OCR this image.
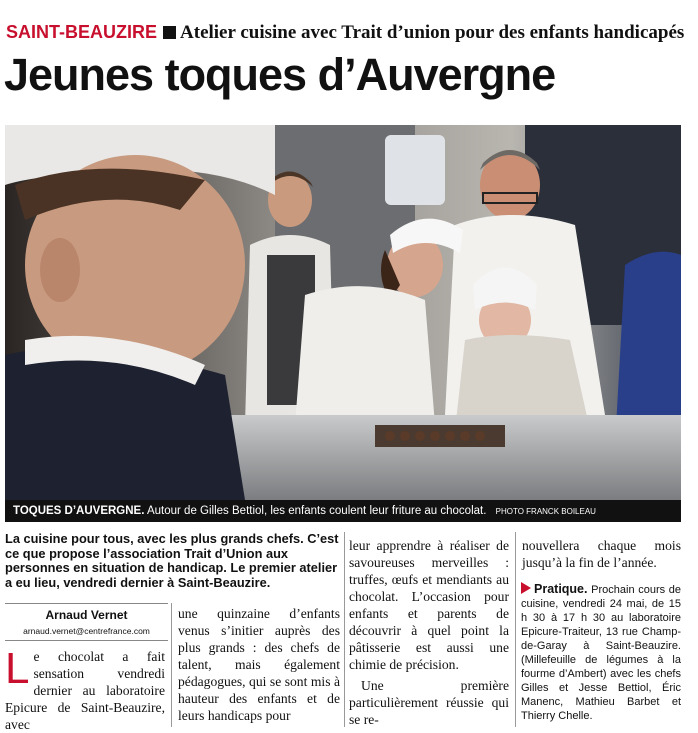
SAINT-BEAUZIRE Atelier cuisine avec Trait d’union pour des enfants handicapés
Jeunes toques d’Auvergne
TOQUES D’AUVERGNE. Autour de Gilles Bettiol, les enfants coulent leur friture au chocolat. PHOTO FRANCK BOILEAU
La cuisine pour tous, avec les plus grands chefs. C’est ce que propose l’association Trait d’Union aux personnes en situation de handicap. Le premier atelier a eu lieu, vendredi dernier à Saint-Beauzire.
Arnaud Vernet
arnaud.vernet@centrefrance.com
L e chocolat a fait sensation vendredi dernier au laboratoire Epicure de Saint-Beauzire, avec

une quinzaine d’enfants venus s’initier auprès des plus grands : des chefs de talent, mais également pédagogues, qui se sont mis à hauteur des enfants et de leurs handicaps pour

leur apprendre à réaliser de savoureuses merveilles : truffes, œufs et mendiants au chocolat. L’occasion pour enfants et parents de découvrir à quel point la pâtisserie est aussi une chimie de précision.

Une première particulièrement réussie qui se re-

nouvellera chaque mois jusqu’à la fin de l’année.

Pratique. Prochain cours de cuisine, vendredi 24 mai, de 15 h 30 à 17 h 30 au laboratoire Epicure-Traiteur, 13 rue Champ-de-Garay à Saint-Beauzire. (Millefeuille de légumes à la fourme d’Ambert) avec les chefs Gilles et Jesse Bettiol, Éric Manenc, Mathieu Barbet et Thierry Chelle.
